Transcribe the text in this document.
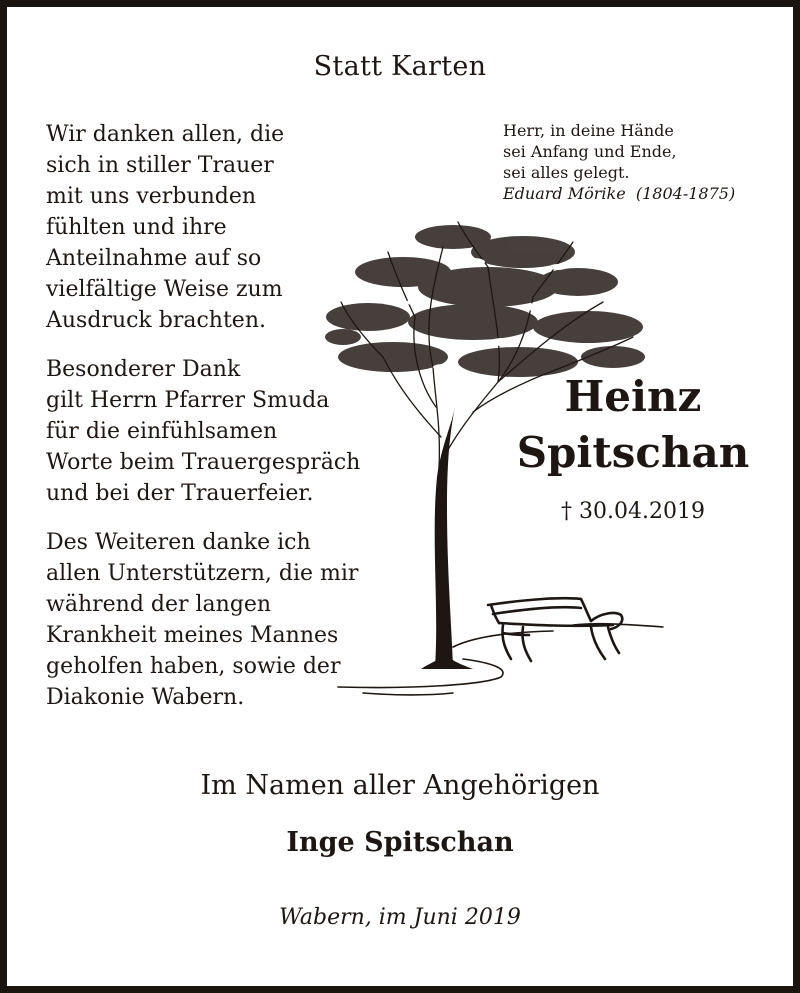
Statt Karten

Wir danken allen, die
sich in stiller Trauer
mit uns verbunden
fühlten und ihre
Anteilnahme auf so
vielfältige Weise zum
Ausdruck brachten.

Besonderer Dank
gilt Herrn Pfarrer Smuda
für die einfühlsamen
Worte beim Trauergespräch
und bei der Trauerfeier.

Des Weiteren danke ich
allen Unterstützern, die mir
während der langen
Krankheit meines Mannes
geholfen haben, sowie der
Diakonie Wabern.

Herr, in deine Hände
sei Anfang und Ende,
sei alles gelegt.
Eduard Mörike (1804-1875)
Heinz
Spitschan
† 30.04.2019
Im Namen aller Angehörigen
Inge Spitschan
Wabern, im Juni 2019
